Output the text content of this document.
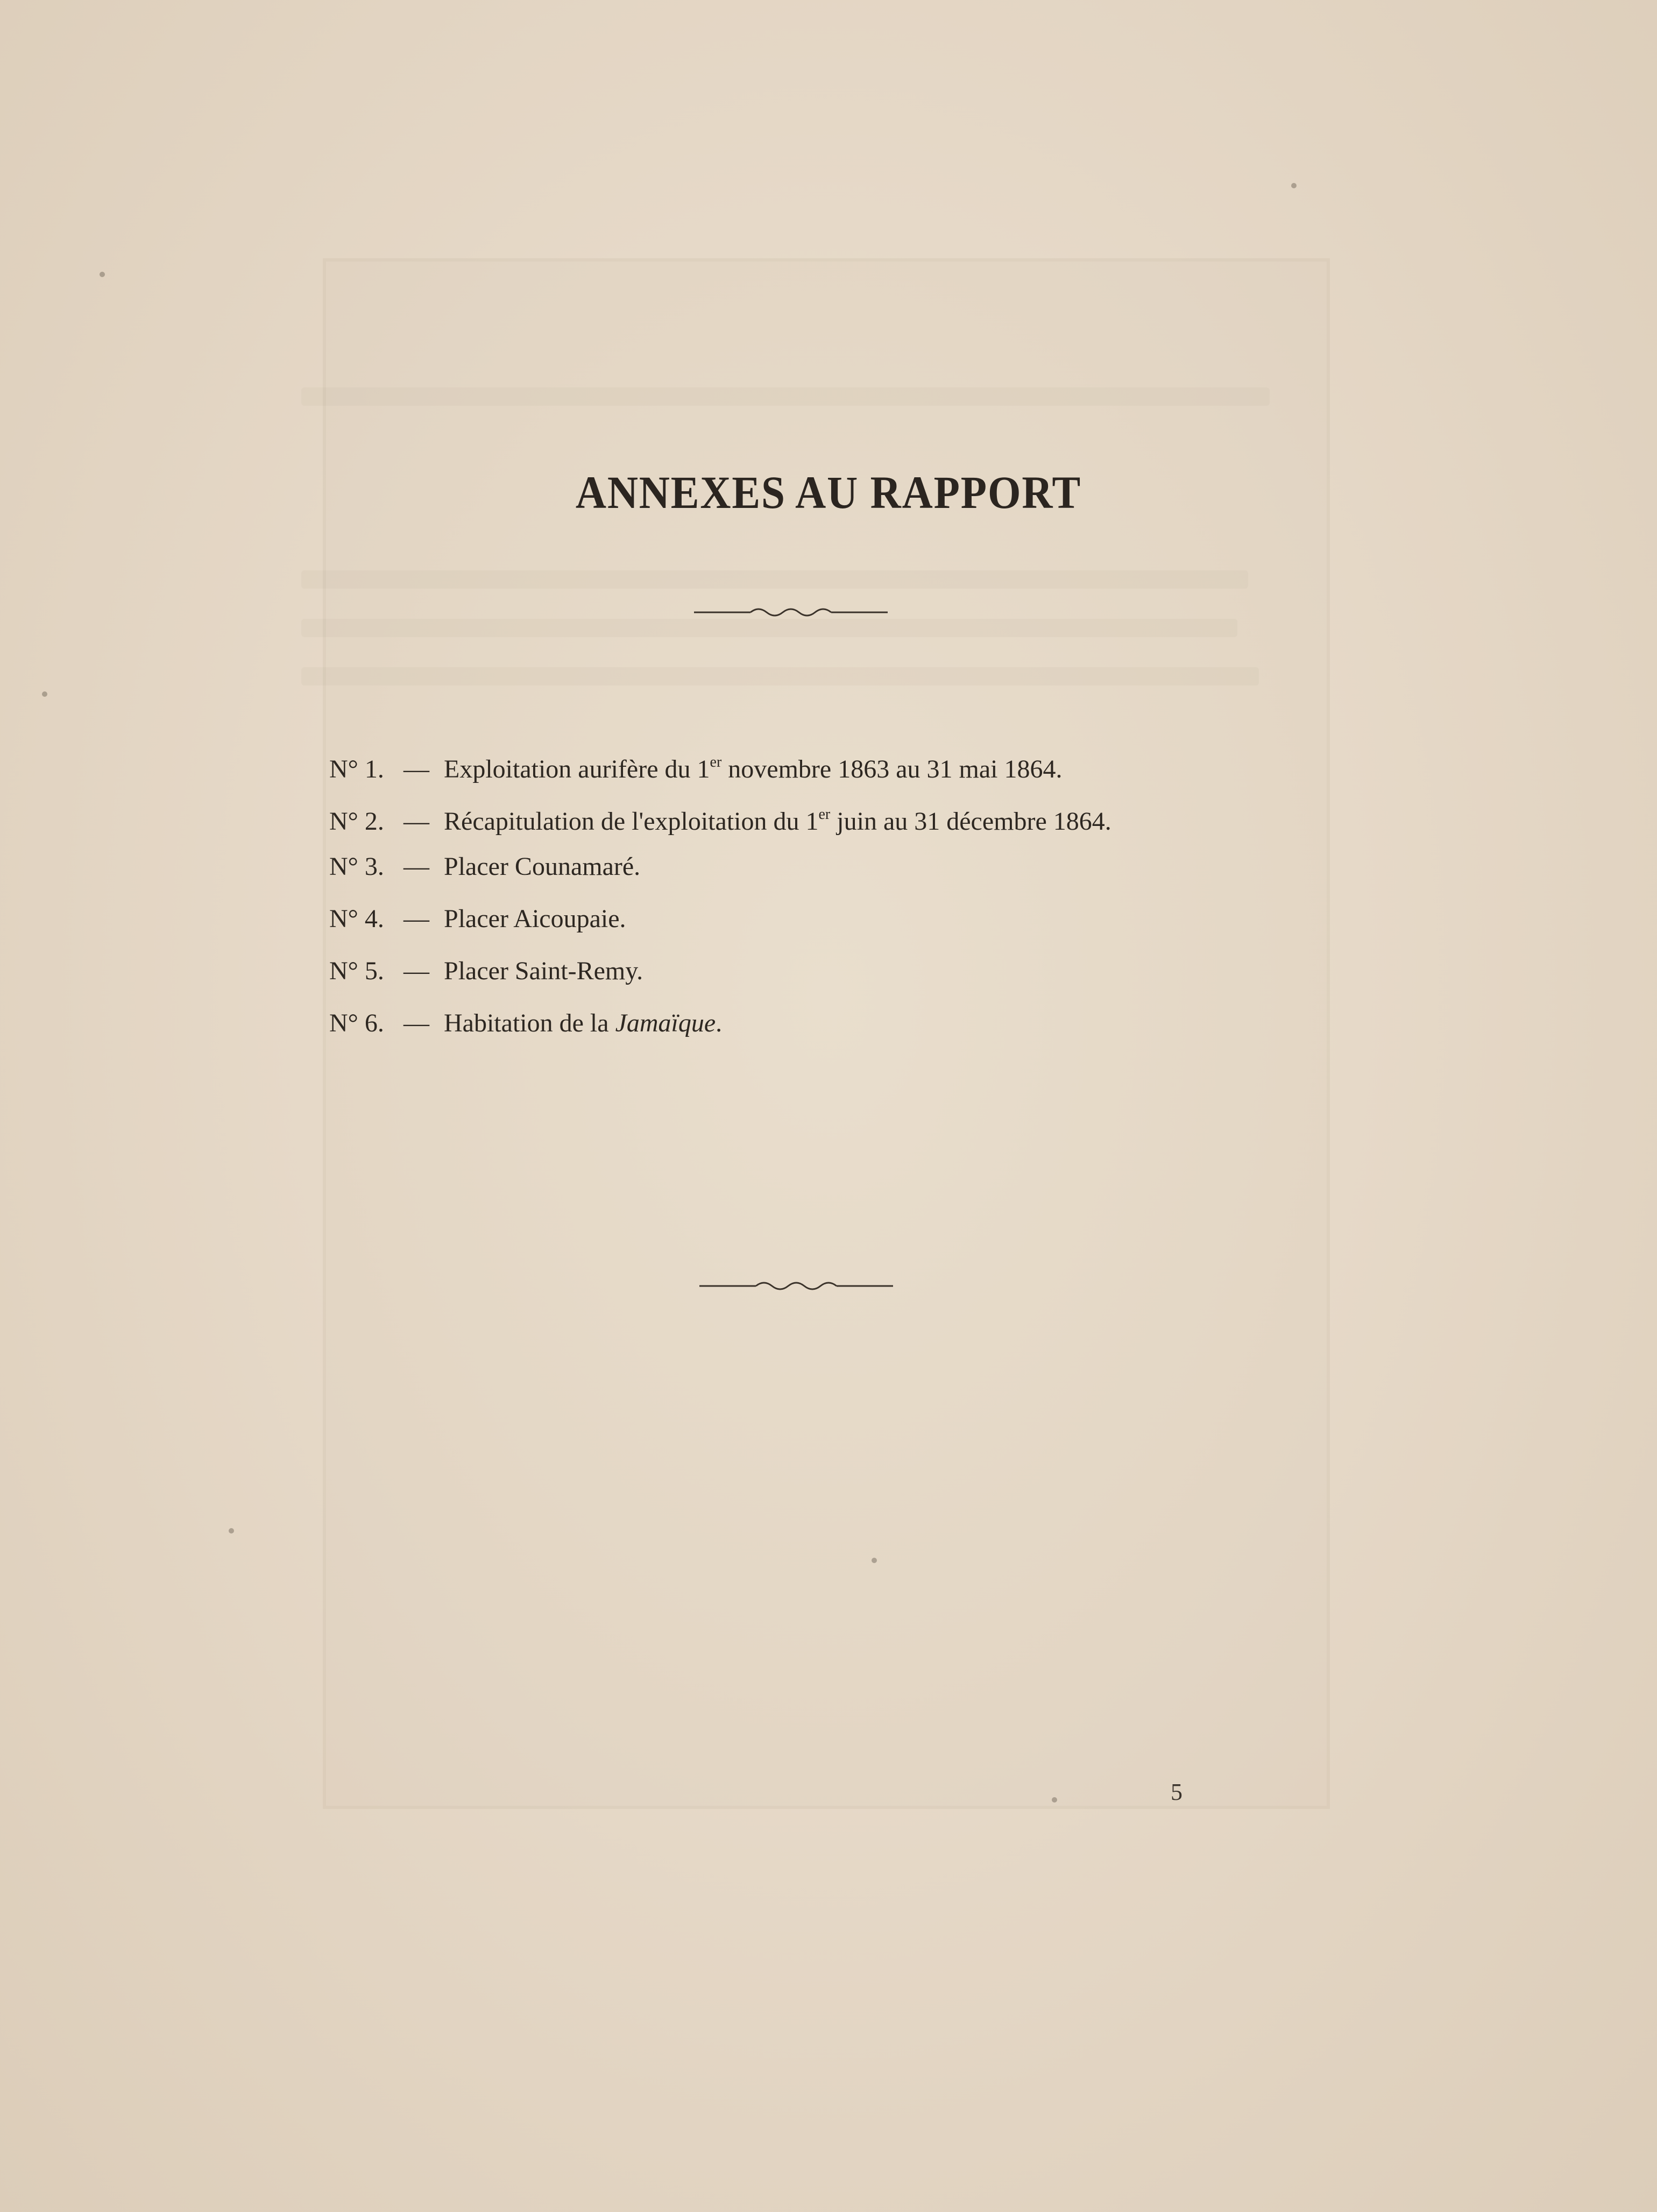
ANNEXES AU RAPPORT
N° 1. — Exploitation aurifère du 1er novembre 1863 au 31 mai 1864.
N° 2. — Récapitulation de l'exploitation du 1er juin au 31 décembre 1864.
N° 3. — Placer Counamaré.
N° 4. — Placer Aicoupaie.
N° 5. — Placer Saint-Remy.
N° 6. — Habitation de la Jamaïque.
5
